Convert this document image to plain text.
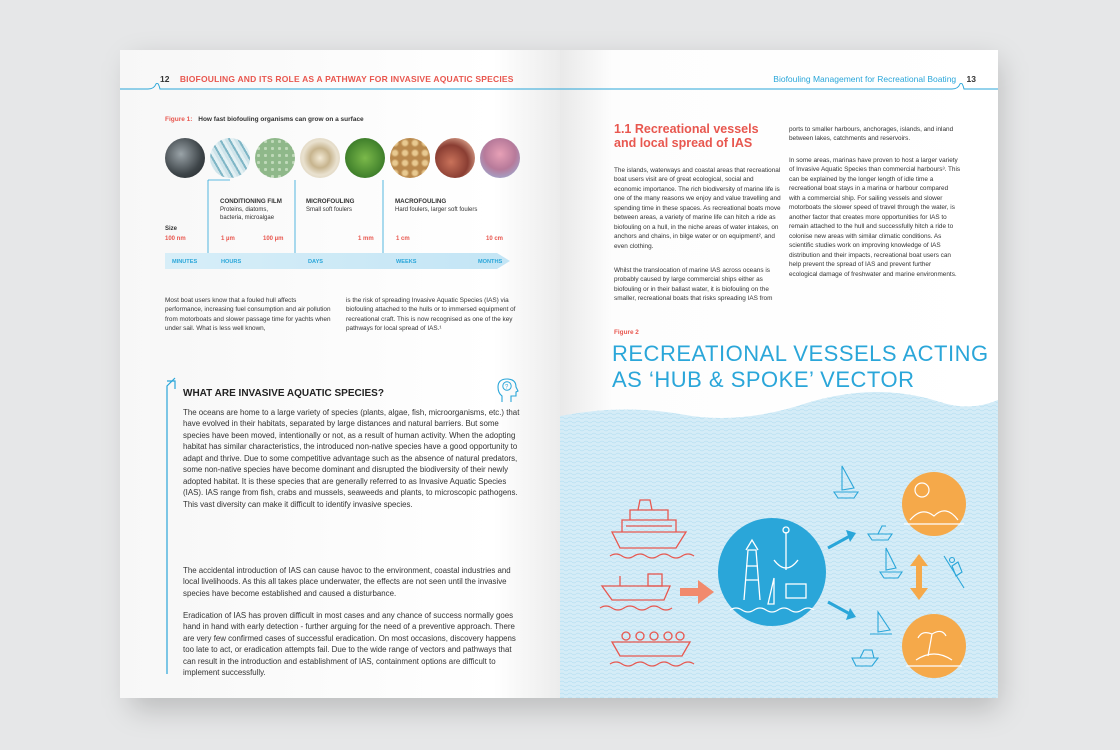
12 BIOFOULING AND ITS ROLE AS A PATHWAY FOR INVASIVE AQUATIC SPECIES
Figure 1: How fast biofouling organisms can grow on a surface
CONDITIONING FILM
Proteins, diatoms,
bacteria, microalgae
MICROFOULING
Small soft foulers
MACROFOULING
Hard foulers, larger soft foulers
Size
100 nm	1 µm	100 µm	1 mm	1 cm	10 cm
MINUTES	HOURS	DAYS	WEEKS	MONTHS
Most boat users know that a fouled hull affects performance, increasing fuel consumption and air pollution from motorboats and slower passage time for yachts when under sail. What is less well known,
is the risk of spreading Invasive Aquatic Species (IAS) via biofouling attached to the hulls or to immersed equipment of recreational craft. This is now recognised as one of the key pathways for local spread of IAS.¹
?
WHAT ARE INVASIVE AQUATIC SPECIES?
The oceans are home to a large variety of species (plants, algae, fish, microorganisms, etc.) that have evolved in their habitats, separated by large distances and natural barriers. But some species have been moved, intentionally or not, as a result of human activity. When the adopting habitat has similar characteristics, the introduced non-native species have a good opportunity to adapt and thrive. Due to some competitive advantage such as the absence of natural predators, some non-native species have become dominant and disrupted the biodiversity of their newly adopted habitat. It is these species that are generally referred to as Invasive Aquatic Species (IAS). IAS range from fish, crabs and mussels, seaweeds and plants, to microscopic pathogens. This vast diversity can make it difficult to identify invasive species.
The accidental introduction of IAS can cause havoc to the environment, coastal industries and local livelihoods. As this all takes place underwater, the effects are not seen until the invasive species have become established and caused a disturbance.
Eradication of IAS has proven difficult in most cases and any chance of success normally goes hand in hand with early detection - further arguing for the need of a preventive approach. There are very few confirmed cases of successful eradication. On most occasions, discovery happens too late to act, or eradication attempts fail. Due to the wide range of vectors and pathways that can result in the introduction and establishment of IAS, containment options are difficult to implement successfully.
Biofouling Management for Recreational Boating 13
1.1 Recreational vessels
and local spread of IAS
The islands, waterways and coastal areas that recreational boat users visit are of great ecological, social and economic importance. The rich biodiversity of marine life is one of the many reasons we enjoy and value travelling and spending time in these spaces. As recreational boats move between areas, a variety of marine life can hitch a ride as biofouling on a hull, in the niche areas of water intakes, on anchors and chains, in bilge water or on equipment², and even clothing.
Whilst the translocation of marine IAS across oceans is probably caused by large commercial ships either as biofouling or in their ballast water, it is biofouling on the smaller, recreational boats that risks spreading IAS from
ports to smaller harbours, anchorages, islands, and inland between lakes, catchments and reservoirs.
In some areas, marinas have proven to host a larger variety of Invasive Aquatic Species than commercial harbours³. This can be explained by the longer length of idle time a recreational boat stays in a marina or harbour compared with a commercial ship. For sailing vessels and slower motorboats the slower speed of travel through the water, is another factor that creates more opportunities for IAS to remain attached to the hull and successfully hitch a ride to colonise new areas with similar climatic conditions. As scientific studies work on improving knowledge of IAS distribution and their impacts, recreational boat users can help prevent the spread of IAS and prevent further ecological damage of freshwater and marine environments.
Figure 2
RECREATIONAL VESSELS ACTING
AS ‘HUB & SPOKE’ VECTOR
